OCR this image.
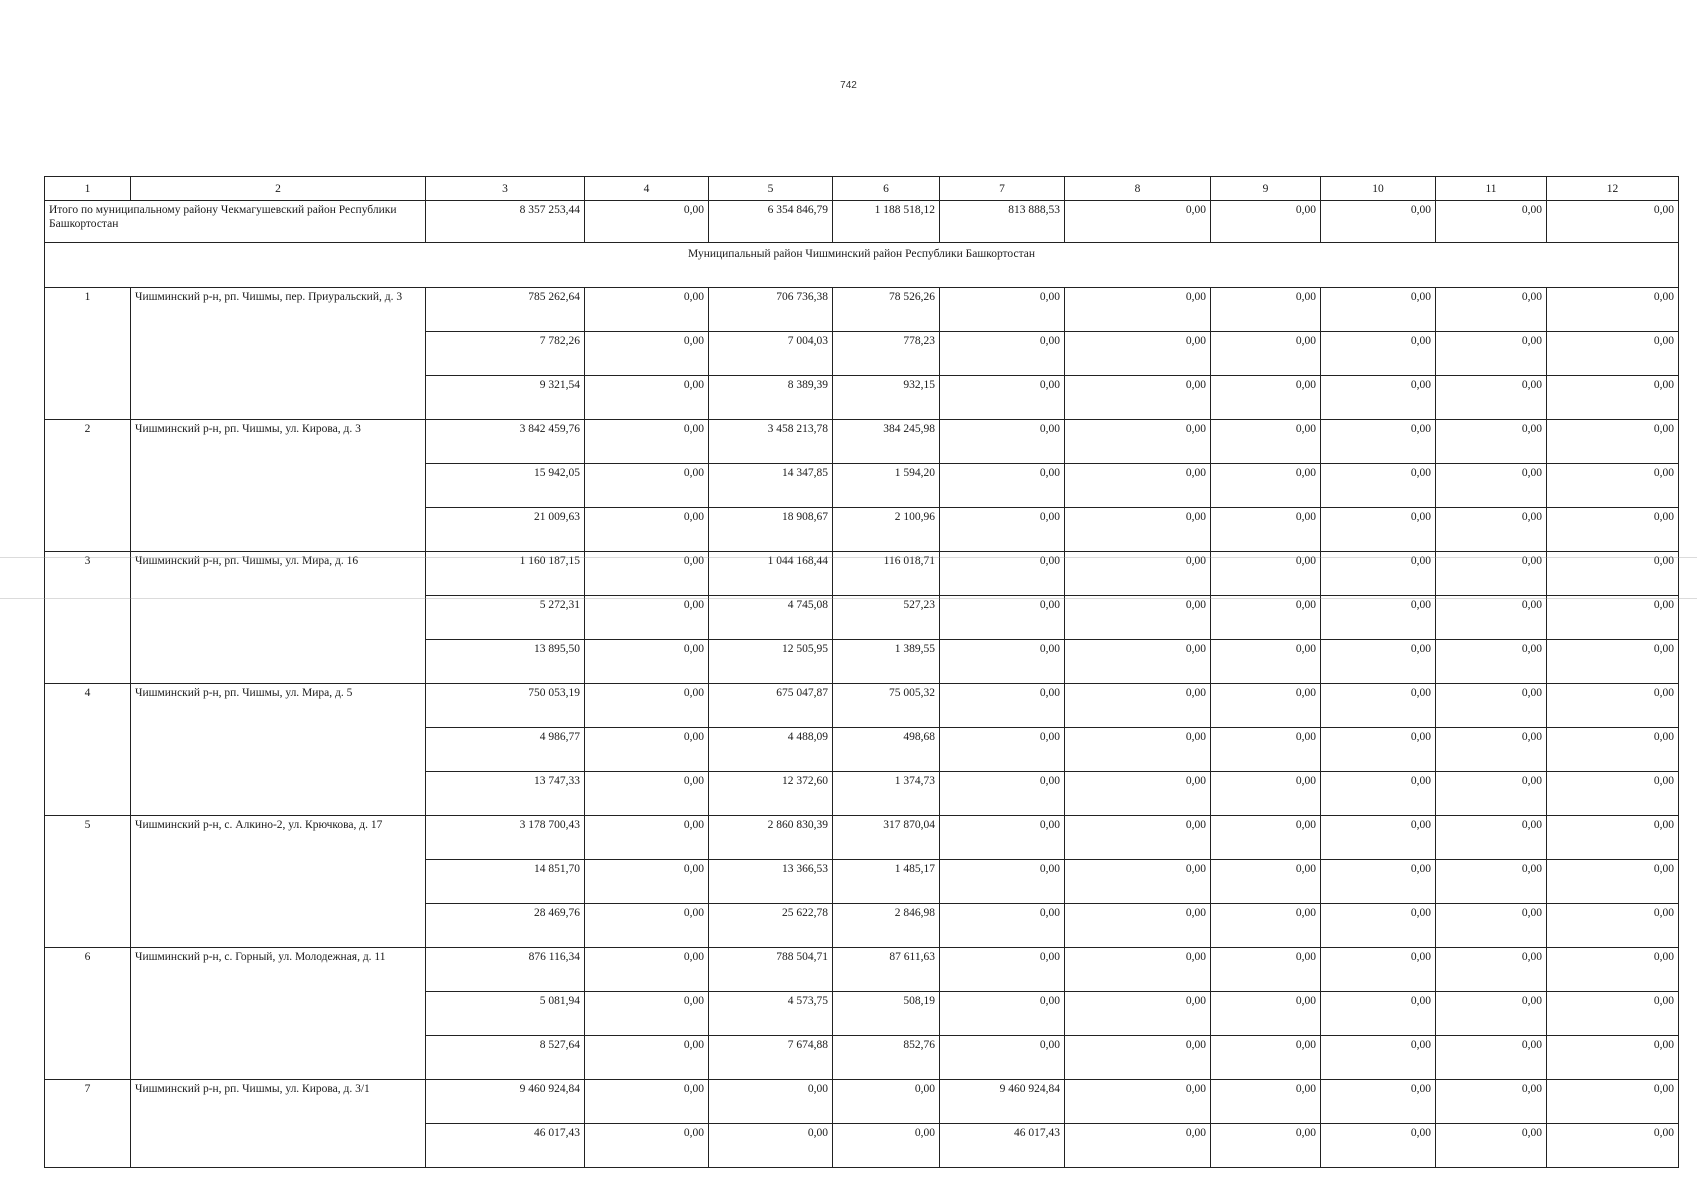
742
1	2	3	4	5	6	7	8	9	10	11	12
Итого по муниципальному району Чекмагушевский район Республики Башкортостан		8 357 253,44	0,00	6 354 846,79	1 188 518,12	813 888,53	0,00	0,00	0,00	0,00	0,00
Муниципальный район Чишминский район Республики Башкортостан											
1	Чишминский р-н, рп. Чишмы, пер. Приуральский, д. 3	785 262,64	0,00	706 736,38	78 526,26	0,00	0,00	0,00	0,00	0,00	0,00
		7 782,26	0,00	7 004,03	778,23	0,00	0,00	0,00	0,00	0,00	0,00
		9 321,54	0,00	8 389,39	932,15	0,00	0,00	0,00	0,00	0,00	0,00
2	Чишминский р-н, рп. Чишмы, ул. Кирова, д. 3	3 842 459,76	0,00	3 458 213,78	384 245,98	0,00	0,00	0,00	0,00	0,00	0,00
		15 942,05	0,00	14 347,85	1 594,20	0,00	0,00	0,00	0,00	0,00	0,00
		21 009,63	0,00	18 908,67	2 100,96	0,00	0,00	0,00	0,00	0,00	0,00
3	Чишминский р-н, рп. Чишмы, ул. Мира, д. 16	1 160 187,15	0,00	1 044 168,44	116 018,71	0,00	0,00	0,00	0,00	0,00	0,00
		5 272,31	0,00	4 745,08	527,23	0,00	0,00	0,00	0,00	0,00	0,00
		13 895,50	0,00	12 505,95	1 389,55	0,00	0,00	0,00	0,00	0,00	0,00
4	Чишминский р-н, рп. Чишмы, ул. Мира, д. 5	750 053,19	0,00	675 047,87	75 005,32	0,00	0,00	0,00	0,00	0,00	0,00
		4 986,77	0,00	4 488,09	498,68	0,00	0,00	0,00	0,00	0,00	0,00
		13 747,33	0,00	12 372,60	1 374,73	0,00	0,00	0,00	0,00	0,00	0,00
5	Чишминский р-н, с. Алкино-2, ул. Крючкова, д. 17	3 178 700,43	0,00	2 860 830,39	317 870,04	0,00	0,00	0,00	0,00	0,00	0,00
		14 851,70	0,00	13 366,53	1 485,17	0,00	0,00	0,00	0,00	0,00	0,00
		28 469,76	0,00	25 622,78	2 846,98	0,00	0,00	0,00	0,00	0,00	0,00
6	Чишминский р-н, с. Горный, ул. Молодежная, д. 11	876 116,34	0,00	788 504,71	87 611,63	0,00	0,00	0,00	0,00	0,00	0,00
		5 081,94	0,00	4 573,75	508,19	0,00	0,00	0,00	0,00	0,00	0,00
		8 527,64	0,00	7 674,88	852,76	0,00	0,00	0,00	0,00	0,00	0,00
7	Чишминский р-н, рп. Чишмы, ул. Кирова, д. 3/1	9 460 924,84	0,00	0,00	0,00	9 460 924,84	0,00	0,00	0,00	0,00	0,00
		46 017,43	0,00	0,00	0,00	46 017,43	0,00	0,00	0,00	0,00	0,00
